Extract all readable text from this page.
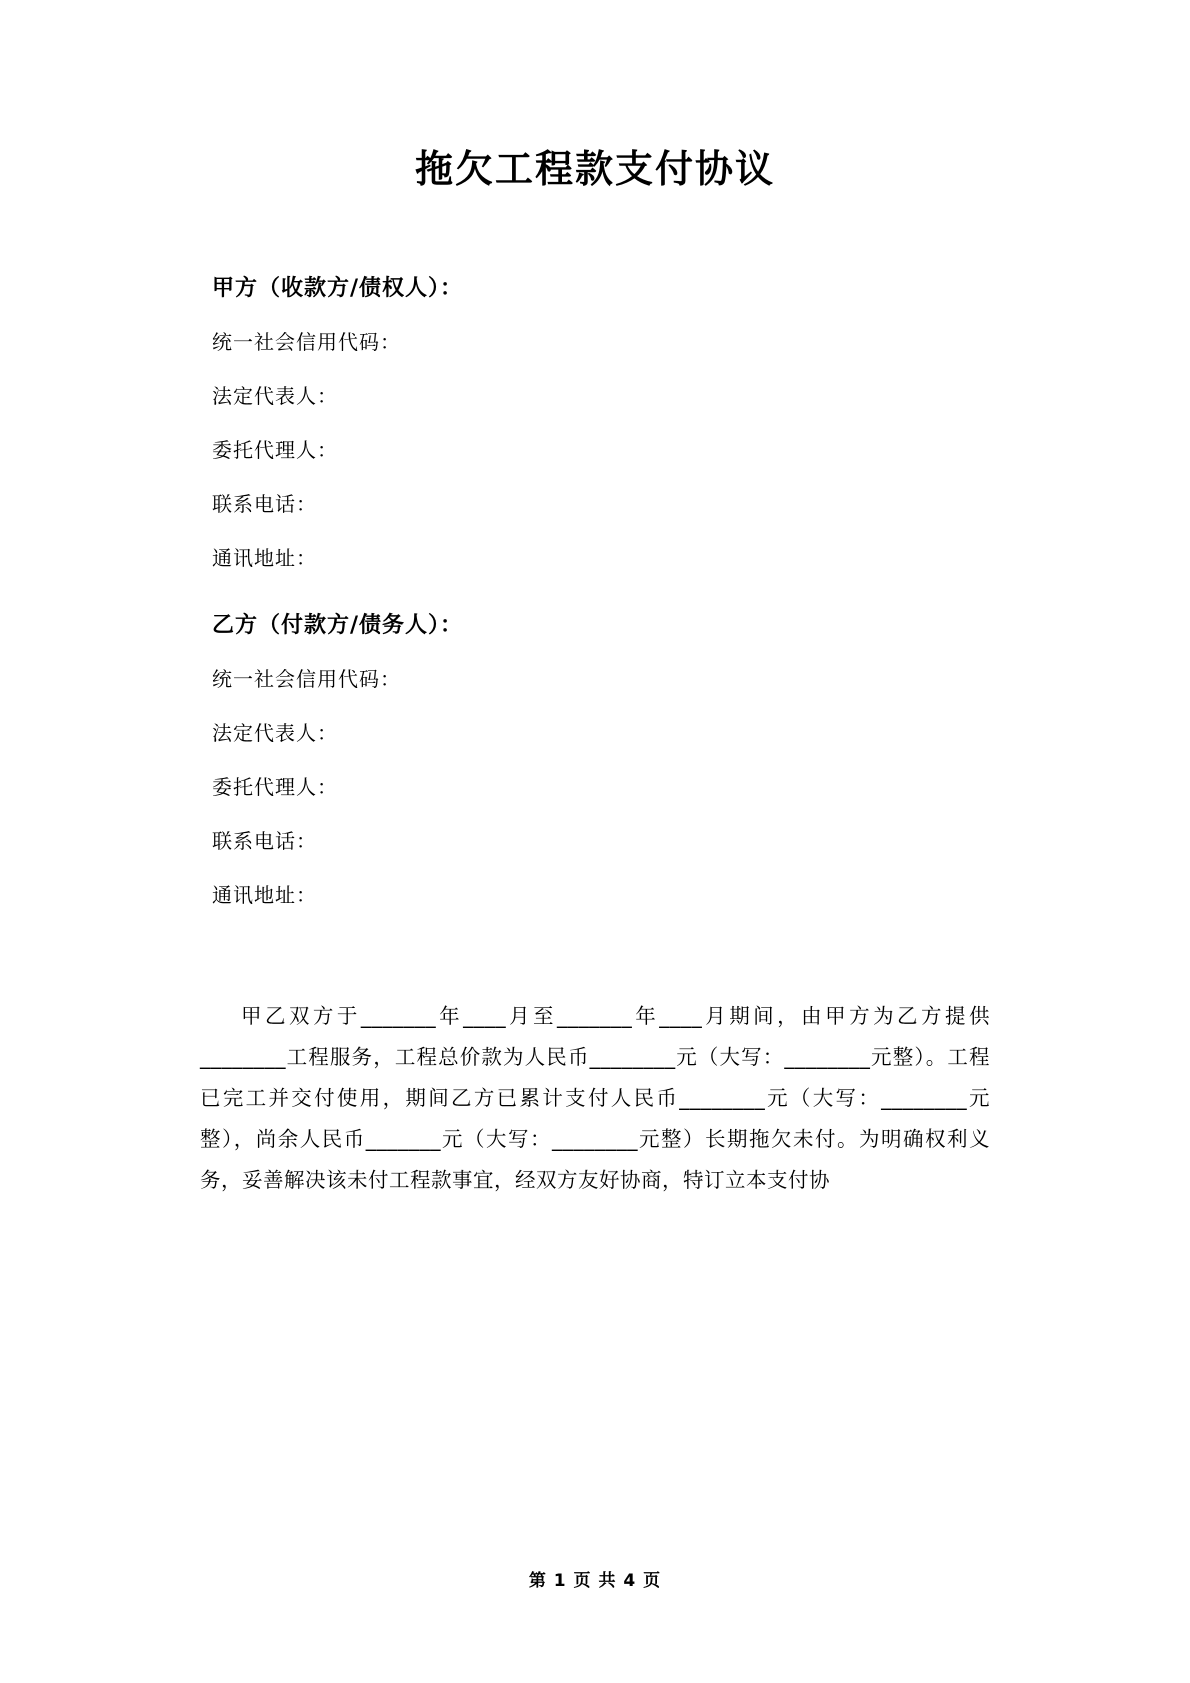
拖欠工程款支付协议
甲方（收款方/债权人）：
统一社会信用代码：
法定代表人：
委托代理人：
联系电话：
通讯地址：
乙方（付款方/债务人）：
统一社会信用代码：
法定代表人：
委托代理人：
联系电话：
通讯地址：

甲乙双方于_______年____月至_______年____月期间，由甲方为乙方提供________工程服务，工程总价款为人民币________元（大写：________元整）。工程已完工并交付使用，期间乙方已累计支付人民币________元（大写：________元整），尚余人民币_______元（大写：________元整）长期拖欠未付。为明确权利义务，妥善解决该未付工程款事宜，经双方友好协商，特订立本支付协

第 1 页 共 4 页
